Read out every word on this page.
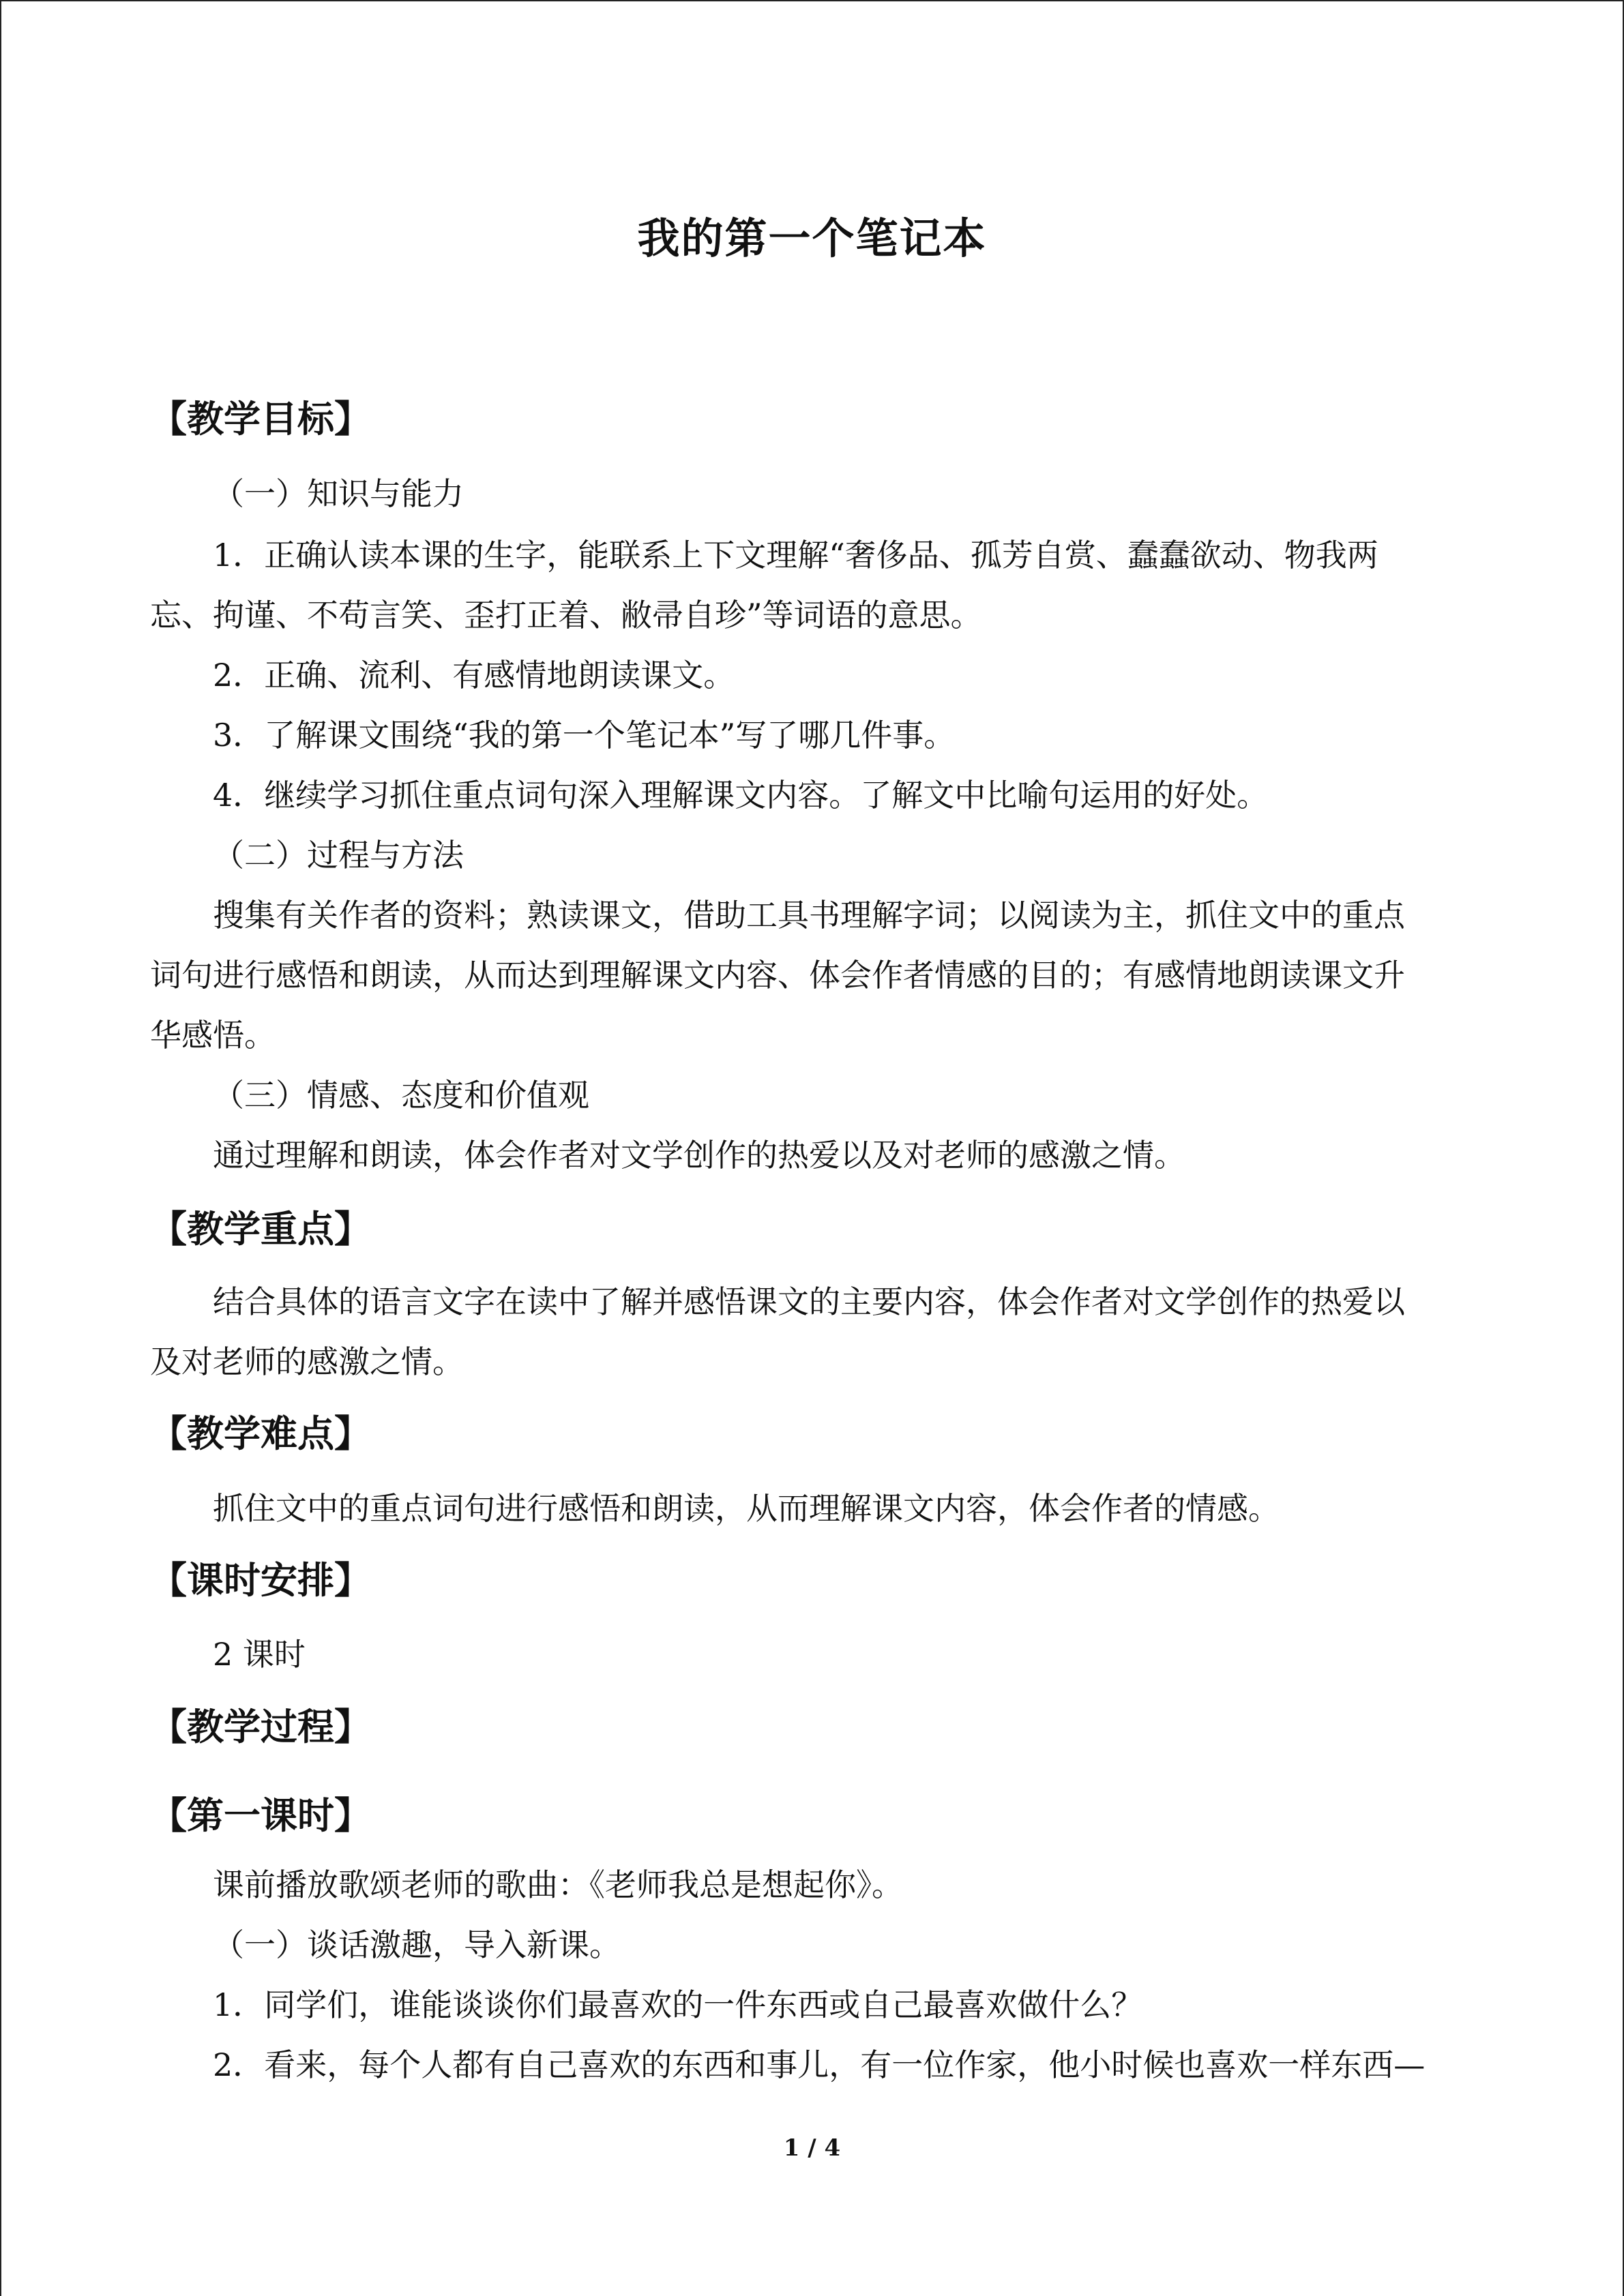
我的第一个笔记本
【教学目标】
（一）知识与能力
1．正确认读本课的生字，能联系上下文理解“奢侈品、孤芳自赏、蠢蠢欲动、物我两
忘、拘谨、不苟言笑、歪打正着、敝帚自珍”等词语的意思。
2．正确、流利、有感情地朗读课文。
3．了解课文围绕“我的第一个笔记本”写了哪几件事。
4．继续学习抓住重点词句深入理解课文内容。了解文中比喻句运用的好处。
（二）过程与方法
搜集有关作者的资料；熟读课文，借助工具书理解字词；以阅读为主，抓住文中的重点
词句进行感悟和朗读，从而达到理解课文内容、体会作者情感的目的；有感情地朗读课文升
华感悟。
（三）情感、态度和价值观
通过理解和朗读，体会作者对文学创作的热爱以及对老师的感激之情。
【教学重点】
结合具体的语言文字在读中了解并感悟课文的主要内容，体会作者对文学创作的热爱以
及对老师的感激之情。
【教学难点】
抓住文中的重点词句进行感悟和朗读，从而理解课文内容，体会作者的情感。
【课时安排】
2 课时
【教学过程】
【第一课时】
课前播放歌颂老师的歌曲：《老师我总是想起你》。
（一）谈话激趣，导入新课。
1．同学们，谁能谈谈你们最喜欢的一件东西或自己最喜欢做什么？
2．看来，每个人都有自己喜欢的东西和事儿，有一位作家，他小时候也喜欢一样东西—
1 / 4
